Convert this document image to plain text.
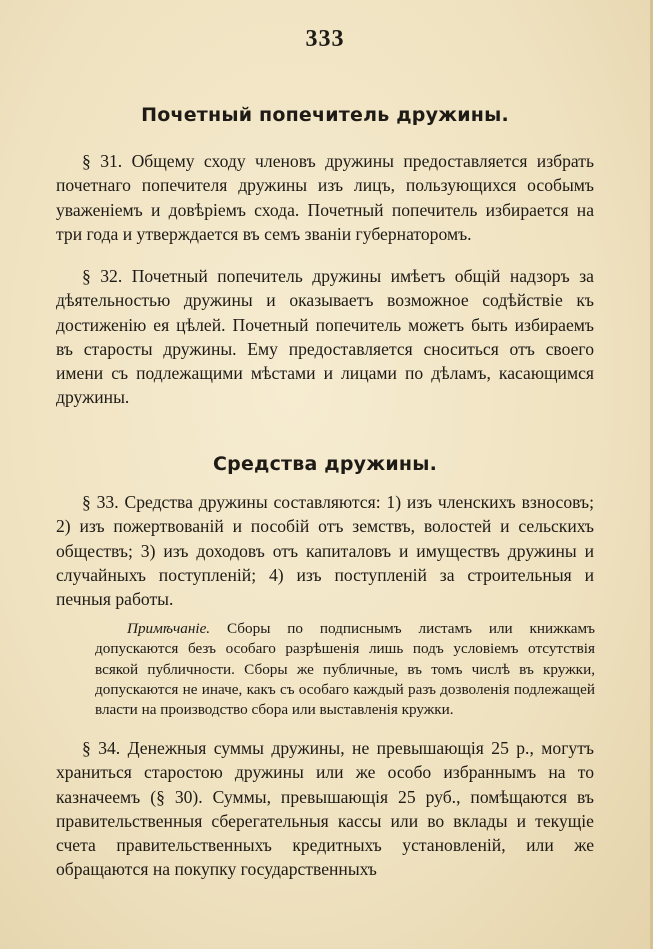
333
Почетный попечитель дружины.

§ 31. Общему сходу членовъ дружины предоставляется избрать почетнаго попечителя дружины изъ лицъ, пользующихся особымъ уваженіемъ и довѣріемъ схода. Почетный попечитель избирается на три года и утверждается въ семъ званіи губернаторомъ.

§ 32. Почетный попечитель дружины имѣетъ общій надзоръ за дѣятельностью дружины и оказываетъ возможное содѣйствіе къ достиженію ея цѣлей. Почетный попечитель можетъ быть избираемъ въ старосты дружины. Ему предоставляется сноситься отъ своего имени съ подлежащими мѣстами и лицами по дѣламъ, касающимся дружины.

Средства дружины.

§ 33. Средства дружины составляются: 1) изъ членскихъ взносовъ; 2) изъ пожертвованій и пособій отъ земствъ, волостей и сельскихъ обществъ; 3) изъ доходовъ отъ капиталовъ и имуществъ дружины и случайныхъ поступленій; 4) изъ поступленій за строительныя и печныя работы.

Примѣчаніе. Сборы по подписнымъ листамъ или книжкамъ допускаются безъ особаго разрѣшенія лишь подъ условіемъ отсутствія всякой публичности. Сборы же публичные, въ томъ числѣ въ кружки, допускаются не иначе, какъ съ особаго каждый разъ дозволенія подлежащей власти на производство сбора или выставленія кружки.

§ 34. Денежныя суммы дружины, не превышающія 25 р., могутъ храниться старостою дружины или же особо избраннымъ на то казначеемъ (§ 30). Суммы, превышающія 25 руб., помѣщаются въ правительственныя сберегательныя кассы или во вклады и текущіе счета правительственныхъ кредитныхъ установленій, или же обращаются на покупку государственныхъ
